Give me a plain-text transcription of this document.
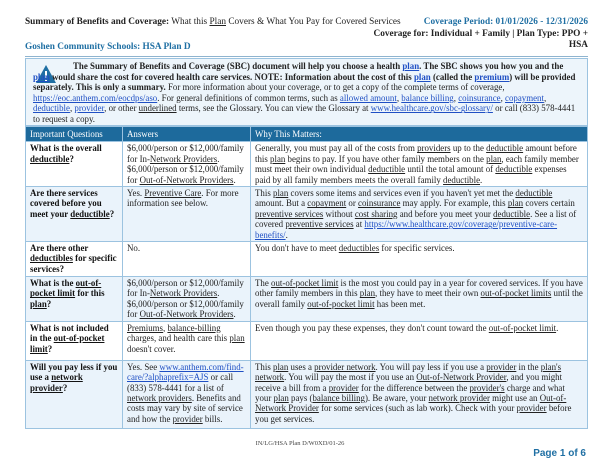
Summary of Benefits and Coverage: What this Plan Covers & What You Pay for Covered Services
Goshen Community Schools: HSA Plan D
Coverage Period: 01/01/2026 - 12/31/2026
Coverage for: Individual + Family | Plan Type: PPO +
HSA
The Summary of Benefits and Coverage (SBC) document will help you choose a health plan. The SBC shows you how you and the plan would share the cost for covered health care services. NOTE: Information about the cost of this plan (called the premium) will be provided separately. This is only a summary. For more information about your coverage, or to get a copy of the complete terms of coverage, https://eoc.anthem.com/eocdps/aso. For general definitions of common terms, such as allowed amount, balance billing, coinsurance, copayment, deductible, provider, or other underlined terms, see the Glossary. You can view the Glossary at www.healthcare.gov/sbc-glossary/ or call (833) 578-4441 to request a copy.
Important Questions	Answers	Why This Matters:
What is the overall deductible?	$6,000/person or $12,000/family for In-Network Providers. $6,000/person or $12,000/family for Out-of-Network Providers.	Generally, you must pay all of the costs from providers up to the deductible amount before this plan begins to pay. If you have other family members on the plan, each family member must meet their own individual deductible until the total amount of deductible expenses paid by all family members meets the overall family deductible.
Are there services covered before you meet your deductible?	Yes. Preventive Care. For more information see below.	This plan covers some items and services even if you haven't yet met the deductible amount. But a copayment or coinsurance may apply. For example, this plan covers certain preventive services without cost sharing and before you meet your deductible. See a list of covered preventive services at https://www.healthcare.gov/coverage/preventive-care-benefits/.
Are there other deductibles for specific services?	No.	You don't have to meet deductibles for specific services.
What is the out-of-pocket limit for this plan?	$6,000/person or $12,000/family for In-Network Providers. $6,000/person or $12,000/family for Out-of-Network Providers.	The out-of-pocket limit is the most you could pay in a year for covered services. If you have other family members in this plan, they have to meet their own out-of-pocket limits until the overall family out-of-pocket limit has been met.
What is not included in the out-of-pocket limit?	Premiums, balance-billing charges, and health care this plan doesn't cover.	Even though you pay these expenses, they don't count toward the out-of-pocket limit.
Will you pay less if you use a network provider?	Yes. See www.anthem.com/find-care/?alphaprefix=AJS or call (833) 578-4441 for a list of network providers. Benefits and costs may vary by site of service and how the provider bills.	This plan uses a provider network. You will pay less if you use a provider in the plan's network. You will pay the most if you use an Out-of-Network Provider, and you might receive a bill from a provider for the difference between the provider's charge and what your plan pays (balance billing). Be aware, your network provider might use an Out-of-Network Provider for some services (such as lab work). Check with your provider before you get services.
IN/LG/HSA Plan D/W0XD/01-26
Page 1 of 6
